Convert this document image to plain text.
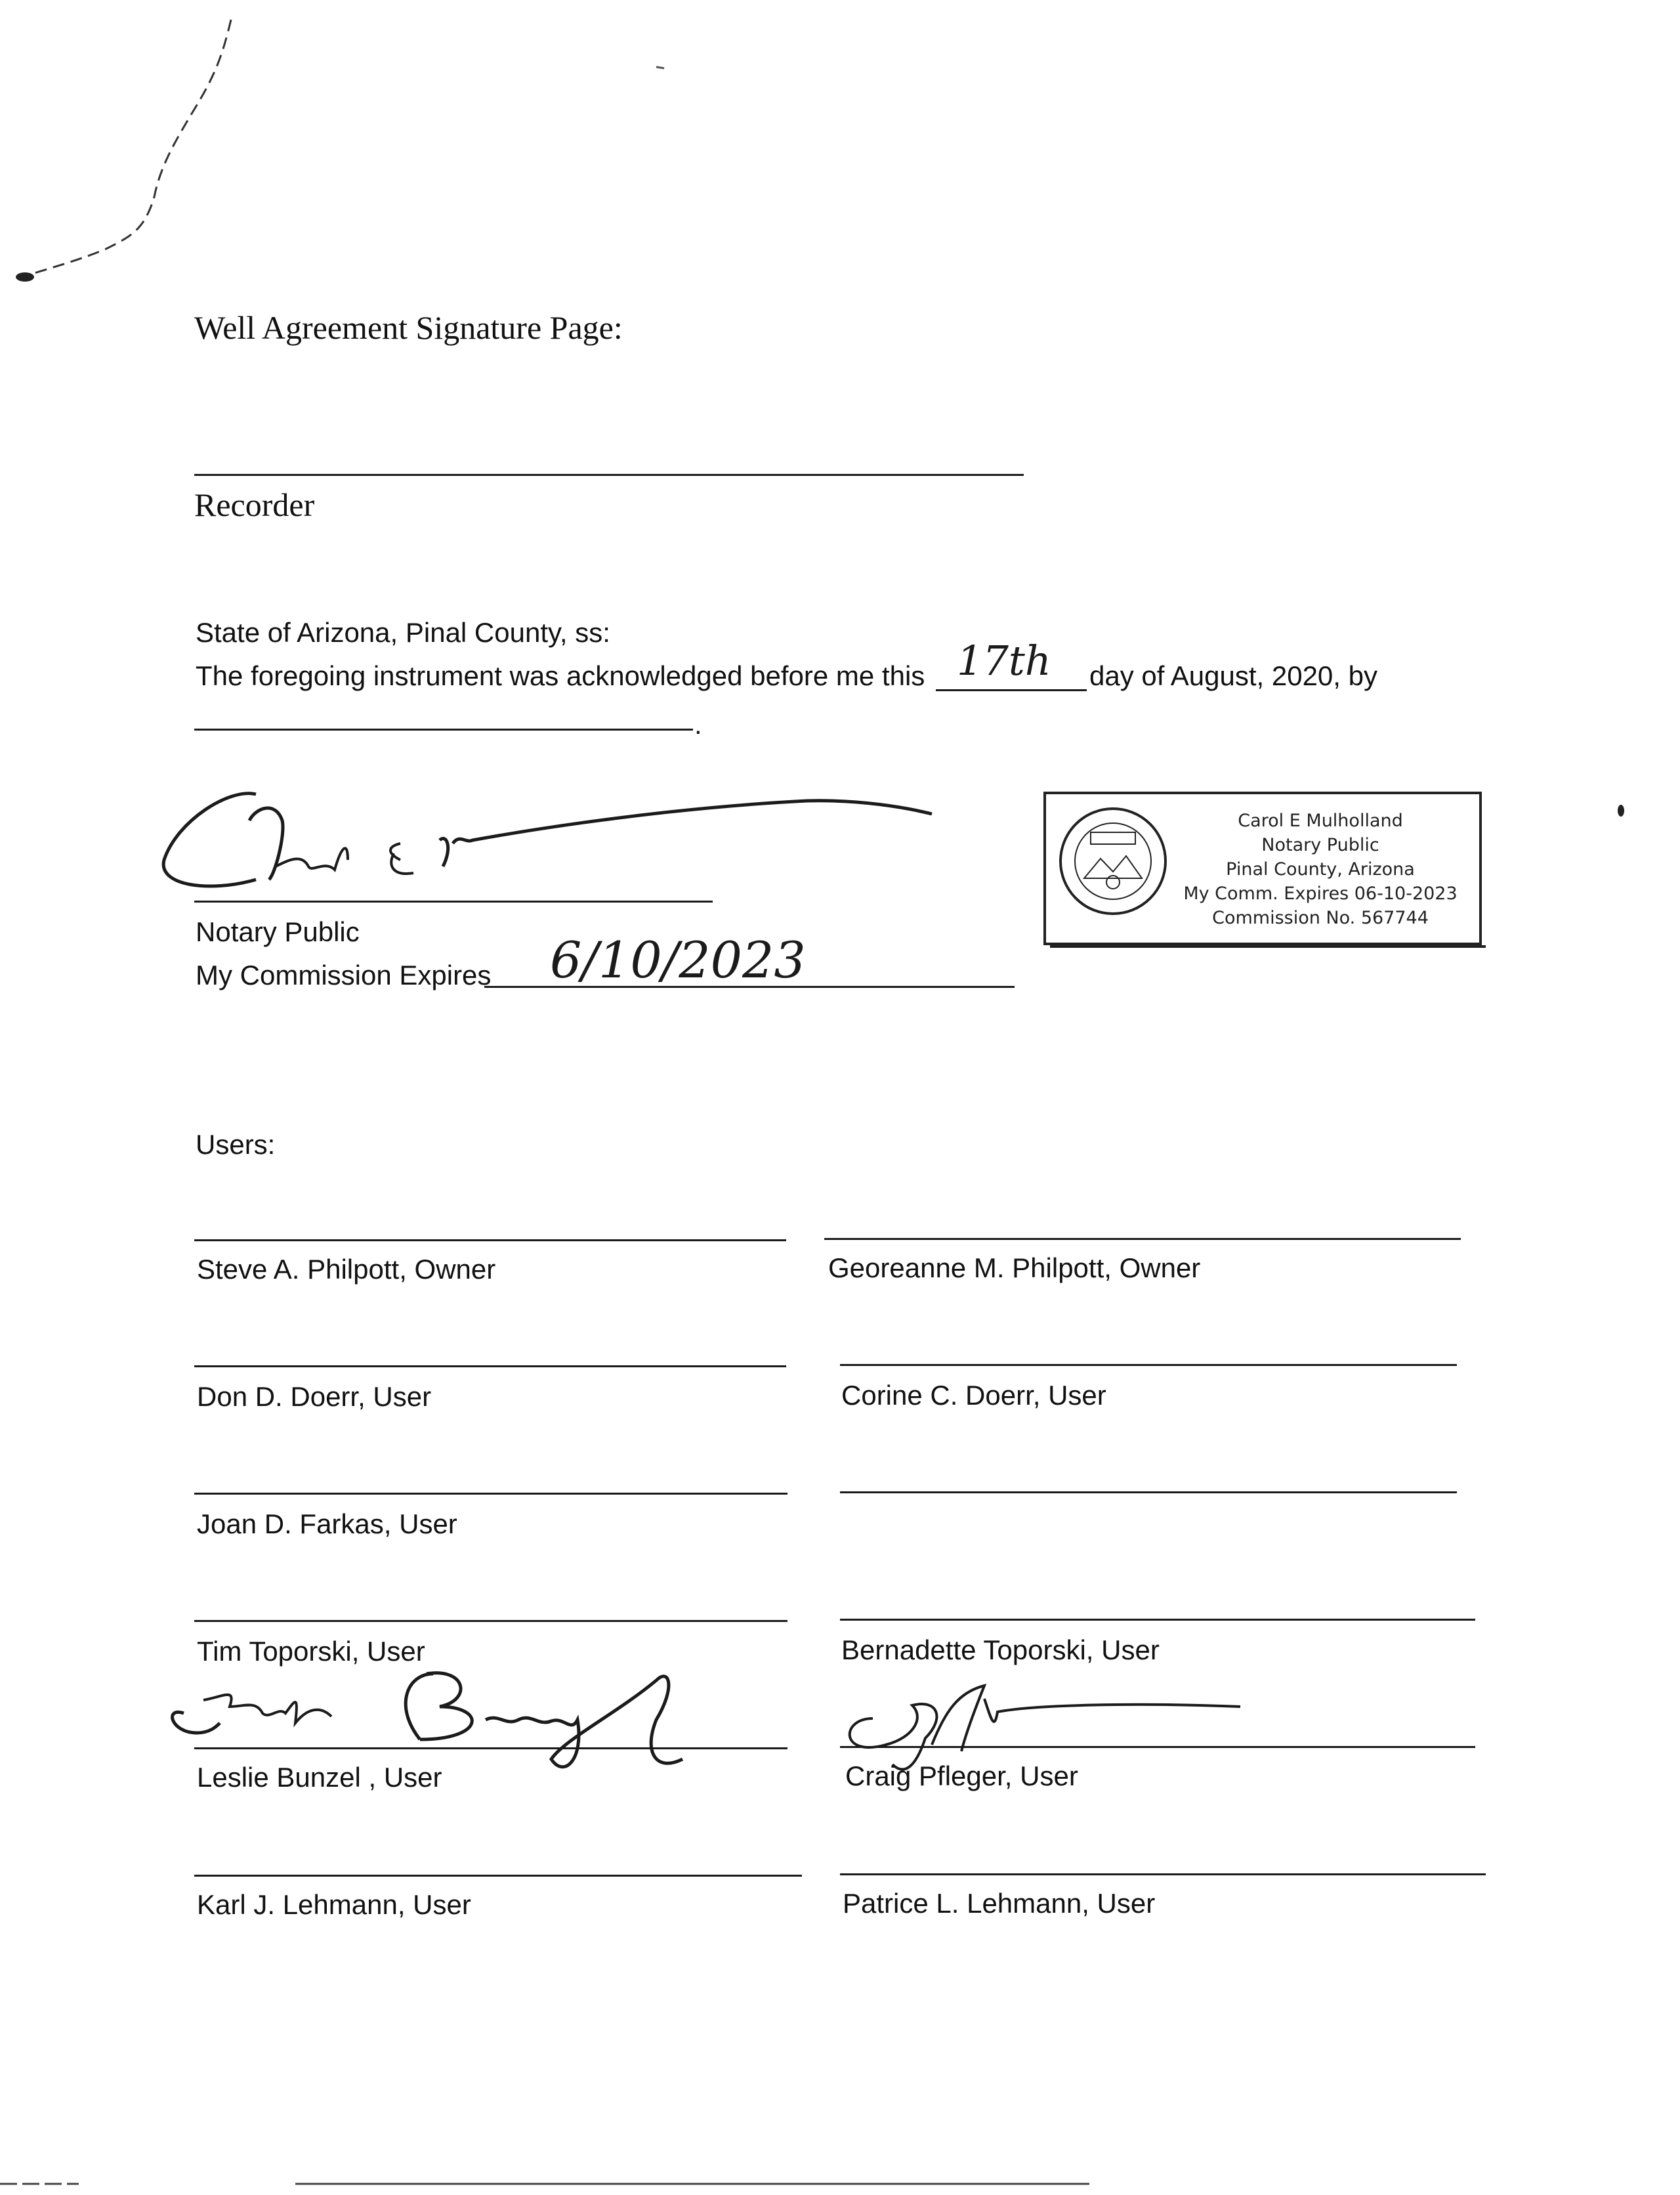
Well Agreement Signature Page:
Recorder
State of Arizona, Pinal County, ss:
The foregoing instrument was acknowledged before me this 17th day of August, 2020, by
.
Notary Public
My Commission Expires 6/10/2023
Carol E Mulholland
Notary Public
Pinal County, Arizona
My Comm. Expires 06-10-2023
Commission No. 567744
Users:
Steve A. Philpott, Owner	Georeanne M. Philpott, Owner
Don D. Doerr, User	Corine C. Doerr, User
Joan D. Farkas, User
Tim Toporski, User	Bernadette Toporski, User
Leslie Bunzel , User	Craig Pfleger, User
Karl J. Lehmann, User	Patrice L. Lehmann, User
